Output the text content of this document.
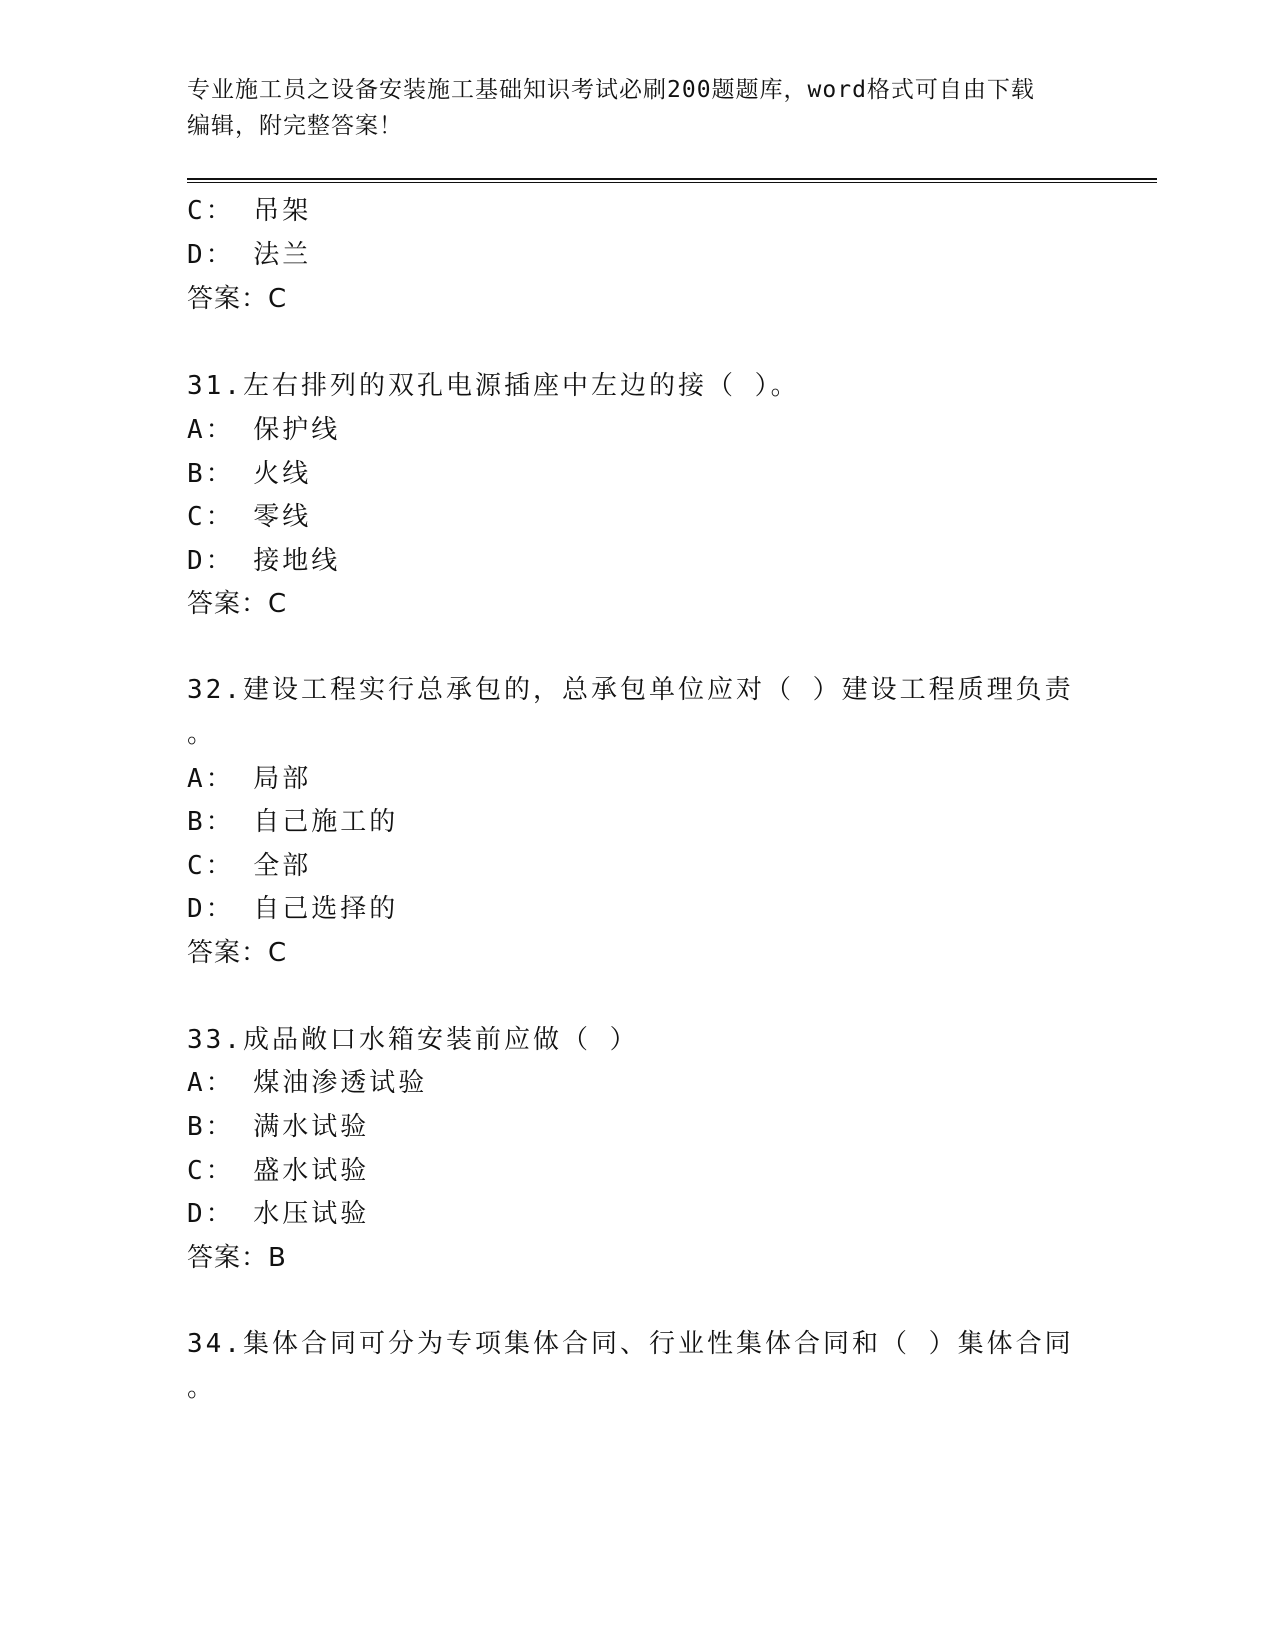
专业施工员之设备安装施工基础知识考试必刷200题题库，word格式可自由下载
编辑，附完整答案！
C： 吊架
D： 法兰
答案：C
31.左右排列的双孔电源插座中左边的接（ ）。
A： 保护线
B： 火线
C： 零线
D： 接地线
答案：C
32.建设工程实行总承包的，总承包单位应对（ ）建设工程质理负责
。
A： 局部
B： 自己施工的
C： 全部
D： 自己选择的
答案：C
33.成品敞口水箱安装前应做（ ）
A： 煤油渗透试验
B： 满水试验
C： 盛水试验
D： 水压试验
答案：B
34.集体合同可分为专项集体合同、行业性集体合同和（ ）集体合同
。
